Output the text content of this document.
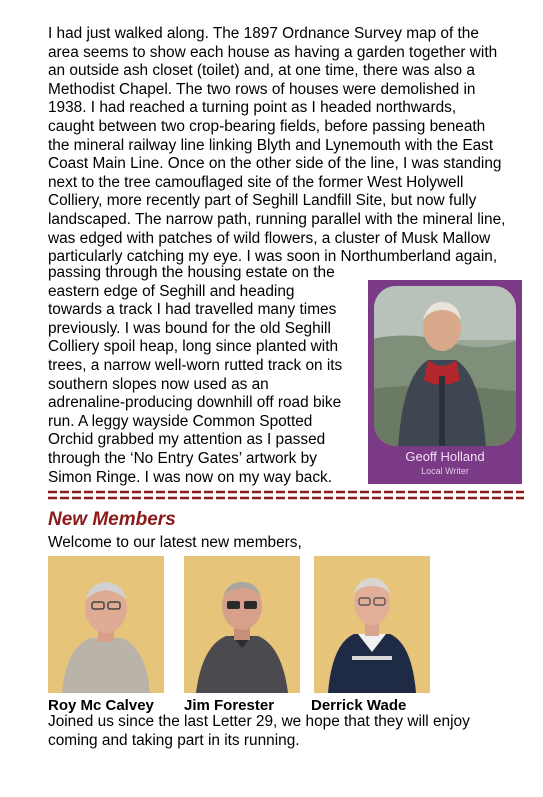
I had just walked along. The 1897 Ordnance Survey map of the
area seems to show each house as having a garden together with
an outside ash closet (toilet) and, at one time, there was also a
Methodist Chapel. The two rows of houses were demolished in
1938. I had reached a turning point as I headed northwards,
caught between two crop-bearing fields, before passing beneath
the mineral railway line linking Blyth and Lynemouth with the East
Coast Main Line. Once on the other side of the line, I was standing
next to the tree camouflaged site of the former West Holywell
Colliery, more recently part of Seghill Landfill Site, but now fully
landscaped. The narrow path, running parallel with the mineral line,
was edged with patches of wild flowers, a cluster of Musk Mallow
particularly catching my eye. I was soon in Northumberland again,

passing through the housing estate on the
eastern edge of Seghill and heading
towards a track I had travelled many times
previously. I was bound for the old Seghill
Colliery spoil heap, long since planted with
trees, a narrow well-worn rutted track on its
southern slopes now used as an
adrenaline-producing downhill off road bike
run. A leggy wayside Common Spotted
Orchid grabbed my attention as I passed
through the ‘No Entry Gates’ artwork by
Simon Ringe. I was now on my way back.

Geoff Holland
Local Writer
New Members

Welcome to our latest new members,

Roy Mc Calvey Jim Forester Derrick Wade

Joined us since the last Letter 29, we hope that they will enjoy
coming and taking part in its running.
